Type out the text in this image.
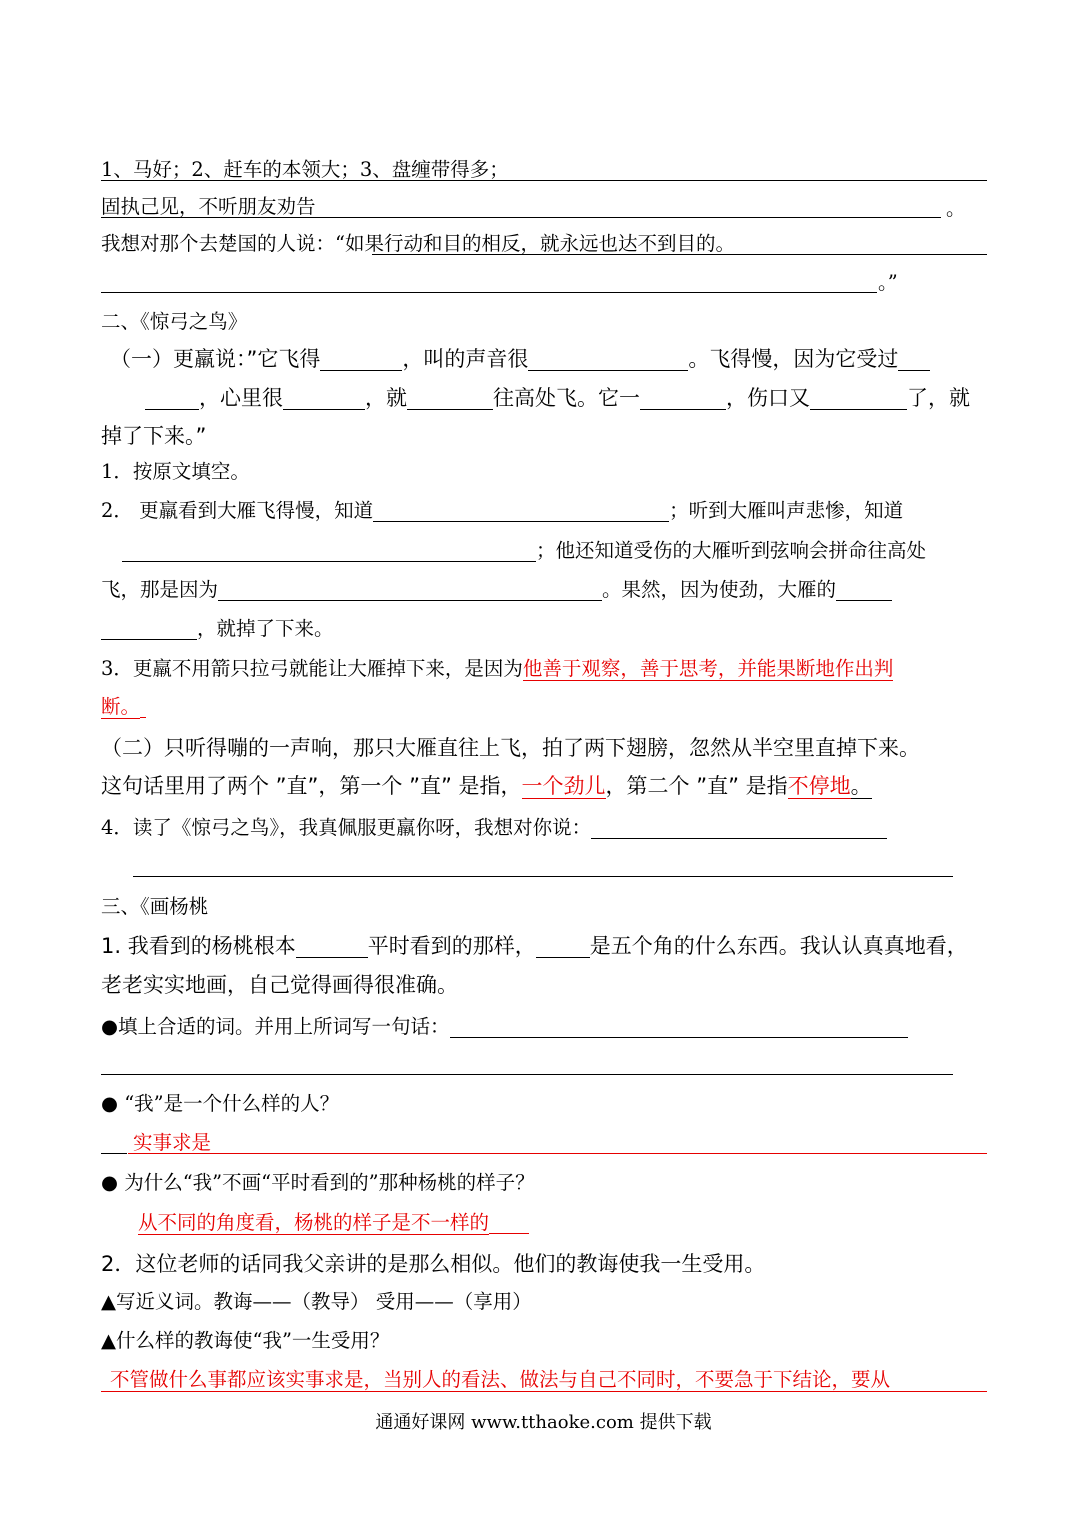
1、马好；2、赶车的本领大；3、盘缠带得多；
固执己见，不听朋友劝告	。
我想对那个去楚国的人说：“如果行动和目的相反，就永远也达不到目的。
。”
二、《惊弓之鸟》
（一）更羸说：”它飞得	，叫的声音很	。飞得慢，因为它受过
，心里很	，就	往高处飞。它一	，伤口又	了，就
掉了下来。”
1．按原文填空。
2． 更羸看到大雁飞得慢，知道	；听到大雁叫声悲惨，知道
；他还知道受伤的大雁听到弦响会拼命往高处
飞，那是因为	。果然，因为使劲，大雁的
，就掉了下来。
3．更羸不用箭只拉弓就能让大雁掉下来，是因为他善于观察，善于思考，并能果断地作出判
断。
（二）只听得嘣的一声响，那只大雁直往上飞，拍了两下翅膀，忽然从半空里直掉下来。
这句话里用了两个 ”直”，第一个 ”直” 是指，一个劲儿，第二个 ”直” 是指不停地。
4．读了《惊弓之鸟》，我真佩服更羸你呀，我想对你说：
三、《画杨桃
1. 我看到的杨桃根本	平时看到的那样，	是五个角的什么东西。我认认真真地看，
老老实实地画，自己觉得画得很准确。
●填上合适的词。并用上所词写一句话：
● “我”是一个什么样的人？
实事求是
● 为什么“我”不画“平时看到的”那种杨桃的样子？
从不同的角度看，杨桃的样子是不一样的
2．这位老师的话同我父亲讲的是那么相似。他们的教诲使我一生受用。
▲写近义词。教诲——（教导） 受用——（享用）
▲什么样的教诲使“我”一生受用？
不管做什么事都应该实事求是，当别人的看法、做法与自己不同时，不要急于下结论，要从
通通好课网 www.tthaoke.com 提供下载
